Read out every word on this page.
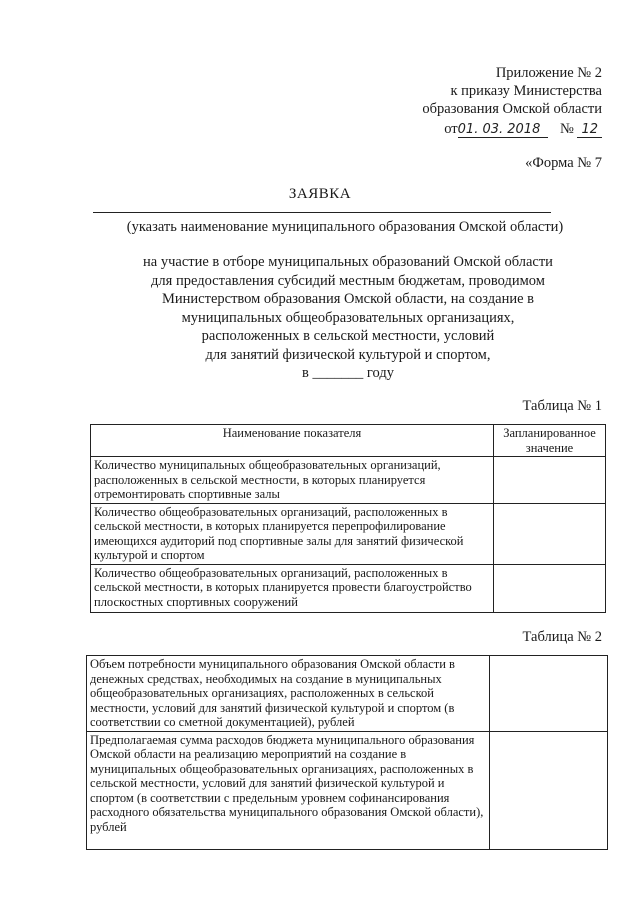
Приложение № 2
к приказу Министерства
образования Омской области
от01. 03. 2018 № 12
«Форма № 7
ЗАЯВКА
(указать наименование муниципального образования Омской области)
на участие в отборе муниципальных образований Омской области
для предоставления субсидий местным бюджетам, проводимом
Министерством образования Омской области, на создание в
муниципальных общеобразовательных организациях,
расположенных в сельской местности, условий
для занятий физической культурой и спортом,
в _______ году
Таблица № 1
Наименование показателя	Запланированное значение
Количество муниципальных общеобразовательных организаций, расположенных в сельской местности, в которых планируется отремонтировать спортивные залы	
Количество общеобразовательных организаций, расположенных в сельской местности, в которых планируется перепрофилирование имеющихся аудиторий под спортивные залы для занятий физической культурой и спортом	
Количество общеобразовательных организаций, расположенных в сельской местности, в которых планируется провести благоустройство плоскостных спортивных сооружений	
Таблица № 2
Объем потребности муниципального образования Омской области в денежных средствах, необходимых на создание в муниципальных общеобразовательных организациях, расположенных в сельской местности, условий для занятий физической культурой и спортом (в соответствии со сметной документацией), рублей	
Предполагаемая сумма расходов бюджета муниципального образования Омской области на реализацию мероприятий на создание в муниципальных общеобразовательных организациях, расположенных в сельской местности, условий для занятий физической культурой и спортом (в соответствии с предельным уровнем софинансирования расходного обязательства муниципального образования Омской области), рублей	
